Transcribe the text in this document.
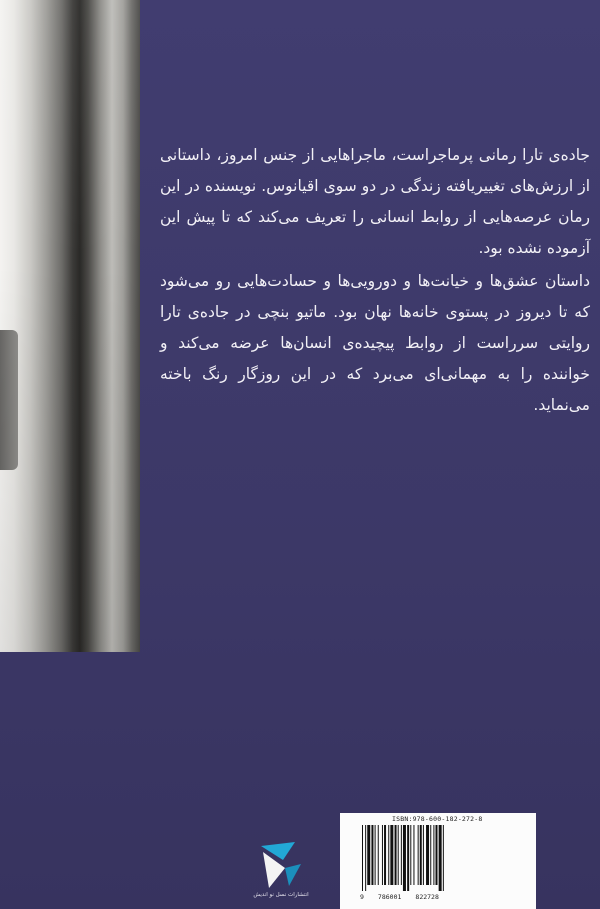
جاده‌ی تارا رمانی پرماجراست، ماجراهایی از جنس امروز، داستانی از ارزش‌های تغییریافته زندگی در دو سوی اقیانوس. نویسنده در این رمان عرصه‌هایی از روابط انسانی را تعریف می‌کند که تا پیش این آزموده نشده بود.

داستان عشق‌ها و خیانت‌ها و دورویی‌ها و حسادت‌هایی رو می‌شود که تا دیروز در پستوی خانه‌ها نهان بود. ماتیو بنچی در جاده‌ی تارا روایتی سرراست از روابط پیچیده‌ی انسان‌ها عرضه می‌کند و خواننده را به مهمانی‌ای می‌برد که در این روزگار رنگ باخته می‌نماید.

انتشارات نسل نو اندیش
ISBN:978-600-182-272-8
9 786001 822728
